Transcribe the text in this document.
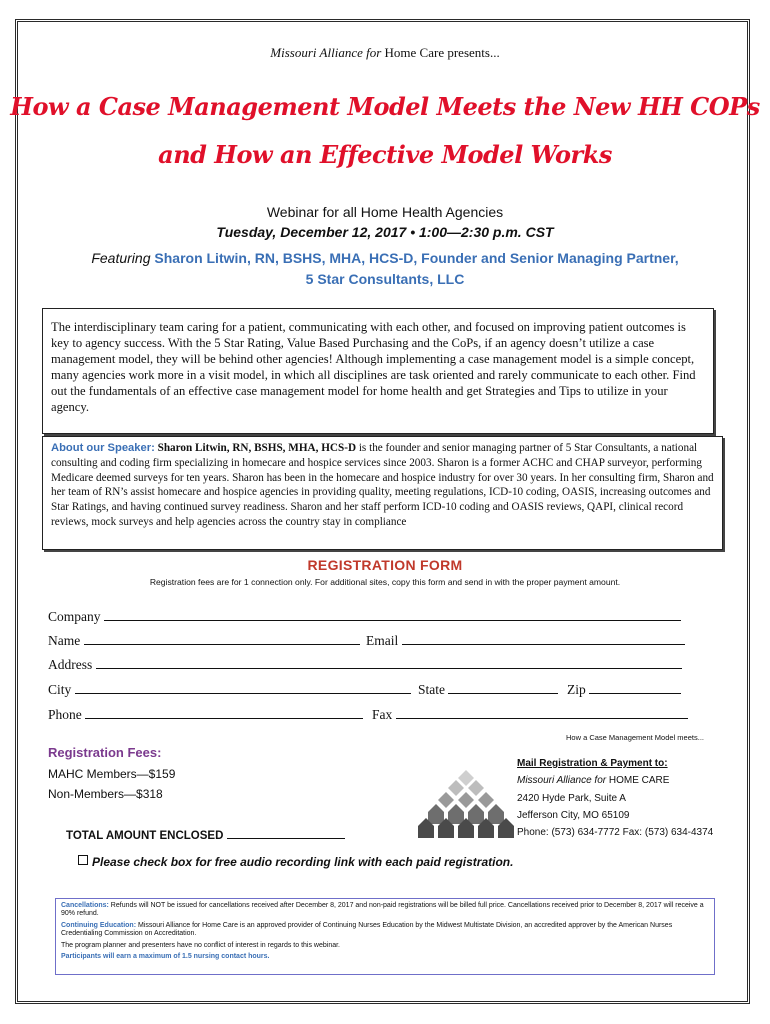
Missouri Alliance for Home Care presents...
How a Case Management Model Meets the New HH COPs
and How an Effective Model Works
Webinar for all Home Health Agencies
Tuesday, December 12, 2017 • 1:00—2:30 p.m. CST
Featuring Sharon Litwin, RN, BSHS, MHA, HCS-D, Founder and Senior Managing Partner,
5 Star Consultants, LLC
The interdisciplinary team caring for a patient, communicating with each other, and focused on improving patient outcomes is key to agency success. With the 5 Star Rating, Value Based Purchasing and the CoPs, if an agency doesn’t utilize a case management model, they will be behind other agencies! Although implementing a case management model is a simple concept, many agencies work more in a visit model, in which all disciplines are task oriented and rarely communicate to each other. Find out the fundamentals of an effective case management model for home health and get Strategies and Tips to utilize in your agency.
About our Speaker: Sharon Litwin, RN, BSHS, MHA, HCS-D is the founder and senior managing partner of 5 Star Consultants, a national consulting and coding firm specializing in homecare and hospice services since 2003. Sharon is a former ACHC and CHAP surveyor, performing Medicare deemed surveys for ten years. Sharon has been in the homecare and hospice industry for over 30 years. In her consulting firm, Sharon and her team of RN’s assist homecare and hospice agencies in providing quality, meeting regulations, ICD-10 coding, OASIS, increasing outcomes and Star Ratings, and having continued survey readiness. Sharon and her staff perform ICD-10 coding and OASIS reviews, QAPI, clinical record reviews, mock surveys and help agencies across the country stay in compliance
REGISTRATION FORM
Registration fees are for 1 connection only. For additional sites, copy this form and send in with the proper payment amount.
Company
Name	Email
Address
City	State	Zip
Phone	Fax
How a Case Management Model meets...
Registration Fees:
MAHC Members—$159
Non-Members—$318
TOTAL AMOUNT ENCLOSED
Mail Registration & Payment to:
Missouri Alliance for HOME CARE
2420 Hyde Park, Suite A
Jefferson City, MO 65109
Phone: (573) 634-7772 Fax: (573) 634-4374
Please check box for free audio recording link with each paid registration.

Cancellations: Refunds will NOT be issued for cancellations received after December 8, 2017 and non-paid registrations will be billed full price. Cancellations received prior to December 8, 2017 will receive a 90% refund.

Continuing Education: Missouri Alliance for Home Care is an approved provider of Continuing Nurses Education by the Midwest Multistate Division, an accredited approver by the American Nurses Credentialing Commission on Accreditation.

The program planner and presenters have no conflict of interest in regards to this webinar.

Participants will earn a maximum of 1.5 nursing contact hours.
